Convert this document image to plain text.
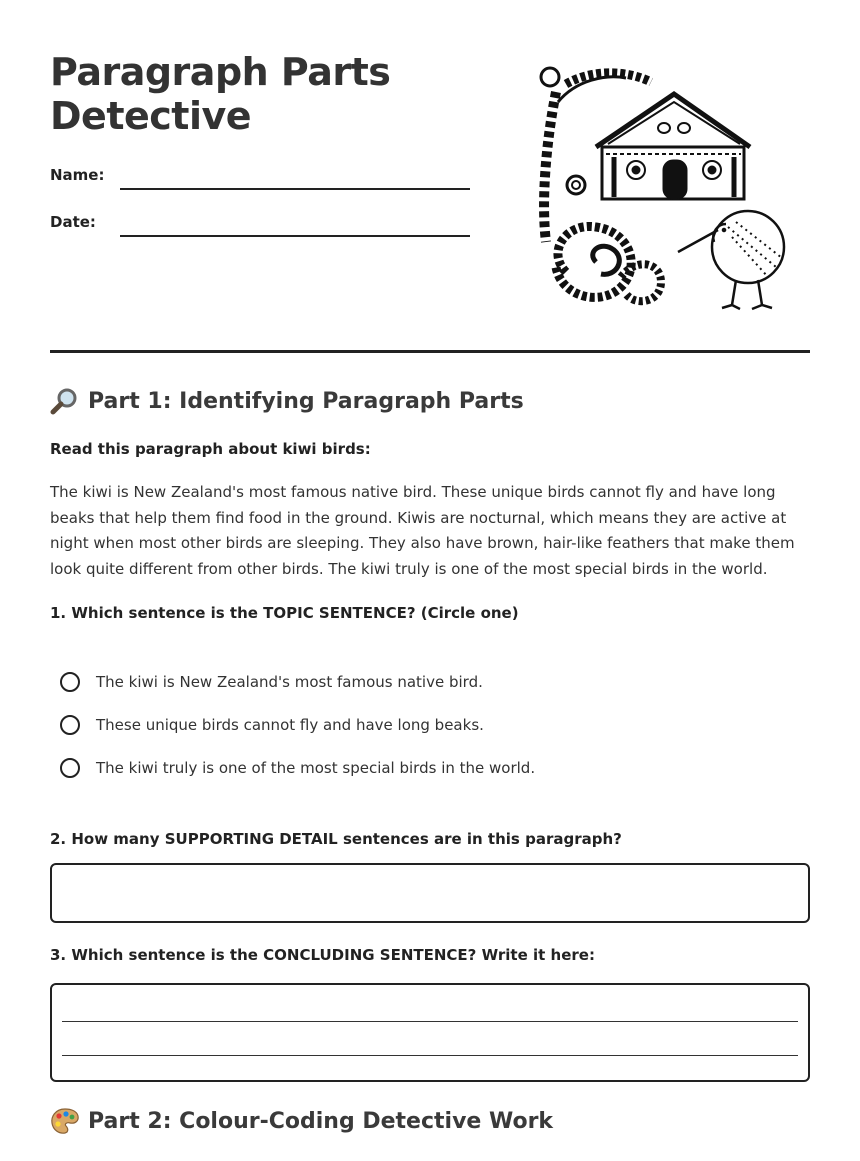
Paragraph Parts Detective
Name:
Date:
Part 1: Identifying Paragraph Parts
Read this paragraph about kiwi birds:
The kiwi is New Zealand's most famous native bird. These unique birds cannot fly and have long beaks that help them find food in the ground. Kiwis are nocturnal, which means they are active at night when most other birds are sleeping. They also have brown, hair-like feathers that make them look quite different from other birds. The kiwi truly is one of the most special birds in the world.
1. Which sentence is the TOPIC SENTENCE? (Circle one)
The kiwi is New Zealand's most famous native bird.
These unique birds cannot fly and have long beaks.
The kiwi truly is one of the most special birds in the world.
2. How many SUPPORTING DETAIL sentences are in this paragraph?
3. Which sentence is the CONCLUDING SENTENCE? Write it here:
Part 2: Colour-Coding Detective Work
